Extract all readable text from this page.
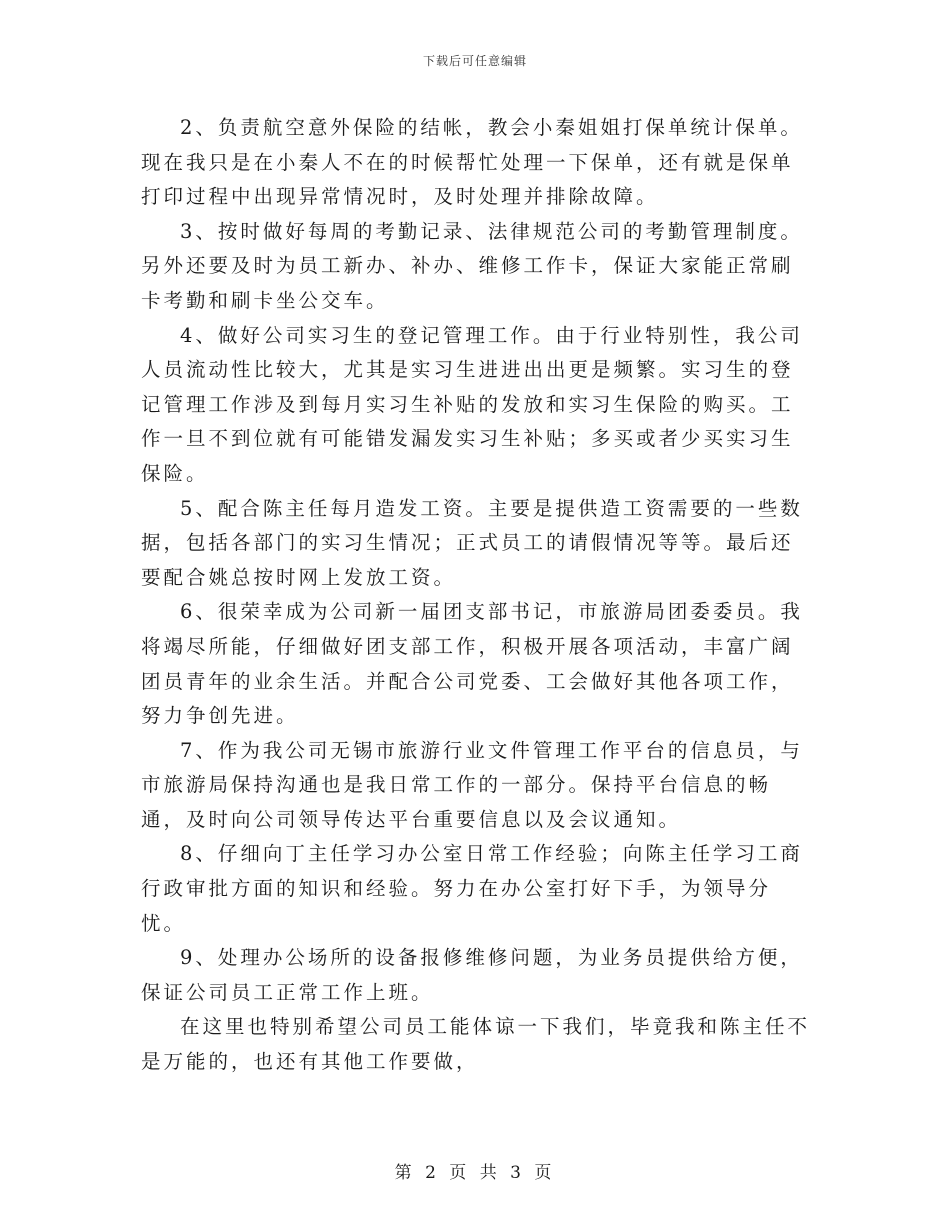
下载后可任意编辑

2、负责航空意外保险的结帐，教会小秦姐姐打保单统计保单。现在我只是在小秦人不在的时候帮忙处理一下保单，还有就是保单打印过程中出现异常情况时，及时处理并排除故障。

3、按时做好每周的考勤记录、法律规范公司的考勤管理制度。另外还要及时为员工新办、补办、维修工作卡，保证大家能正常刷卡考勤和刷卡坐公交车。

4、做好公司实习生的登记管理工作。由于行业特别性，我公司人员流动性比较大，尤其是实习生进进出出更是频繁。实习生的登记管理工作涉及到每月实习生补贴的发放和实习生保险的购买。工作一旦不到位就有可能错发漏发实习生补贴；多买或者少买实习生保险。

5、配合陈主任每月造发工资。主要是提供造工资需要的一些数据，包括各部门的实习生情况；正式员工的请假情况等等。最后还要配合姚总按时网上发放工资。

6、很荣幸成为公司新一届团支部书记，市旅游局团委委员。我将竭尽所能，仔细做好团支部工作，积极开展各项活动，丰富广阔团员青年的业余生活。并配合公司党委、工会做好其他各项工作，努力争创先进。

7、作为我公司无锡市旅游行业文件管理工作平台的信息员，与市旅游局保持沟通也是我日常工作的一部分。保持平台信息的畅通，及时向公司领导传达平台重要信息以及会议通知。

8、仔细向丁主任学习办公室日常工作经验；向陈主任学习工商行政审批方面的知识和经验。努力在办公室打好下手，为领导分忧。

9、处理办公场所的设备报修维修问题，为业务员提供给方便，保证公司员工正常工作上班。

在这里也特别希望公司员工能体谅一下我们，毕竟我和陈主任不是万能的，也还有其他工作要做，

第 2 页 共 3 页
